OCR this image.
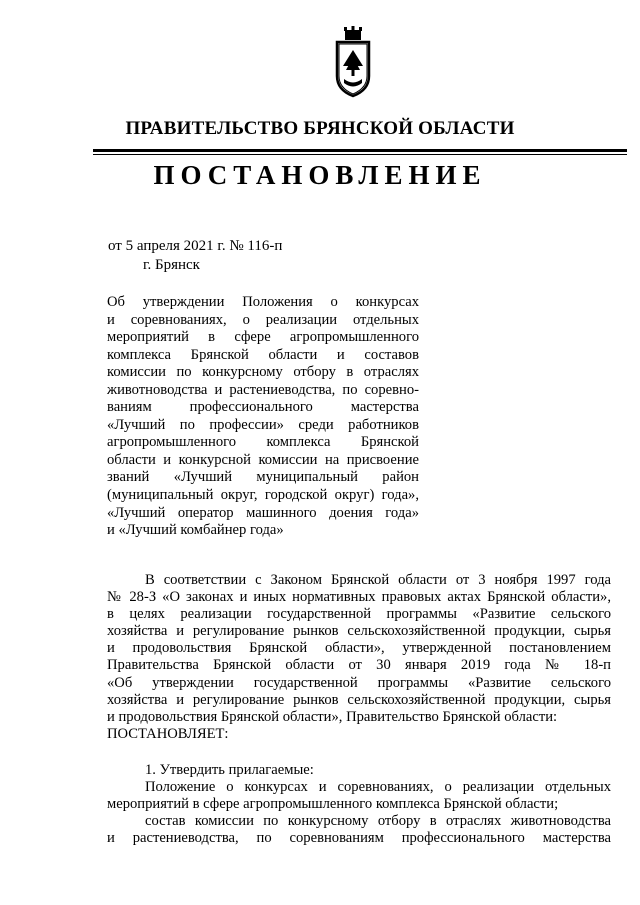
ПРАВИТЕЛЬСТВО БРЯНСКОЙ ОБЛАСТИ
ПОСТАНОВЛЕНИЕ
от 5 апреля 2021 г. № 116-п
г. Брянск
Об утверждении Положения о конкурсах
и соревнованиях, о реализации отдельных
мероприятий в сфере агропромышленного
комплекса Брянской области и составов
комиссии по конкурсному отбору в отраслях
животноводства и растениеводства, по соревно-
ваниям профессионального мастерства
«Лучший по профессии» среди работников
агропромышленного комплекса Брянской
области и конкурсной комиссии на присвоение
званий «Лучший муниципальный район
(муниципальный округ, городской округ) года»,
«Лучший оператор машинного доения года»
и «Лучший комбайнер года»
В соответствии с Законом Брянской области от 3 ноября 1997 года
№ 28-З «О законах и иных нормативных правовых актах Брянской области»,
в целях реализации государственной программы «Развитие сельского
хозяйства и регулирование рынков сельскохозяйственной продукции, сырья
и продовольствия Брянской области», утвержденной постановлением
Правительства Брянской области от 30 января 2019 года № 18-п
«Об утверждении государственной программы «Развитие сельского
хозяйства и регулирование рынков сельскохозяйственной продукции, сырья
и продовольствия Брянской области», Правительство Брянской области:
ПОСТАНОВЛЯЕТ:
1. Утвердить прилагаемые:
Положение о конкурсах и соревнованиях, о реализации отдельных
мероприятий в сфере агропромышленного комплекса Брянской области;
состав комиссии по конкурсному отбору в отраслях животноводства
и растениеводства, по соревнованиям профессионального мастерства
